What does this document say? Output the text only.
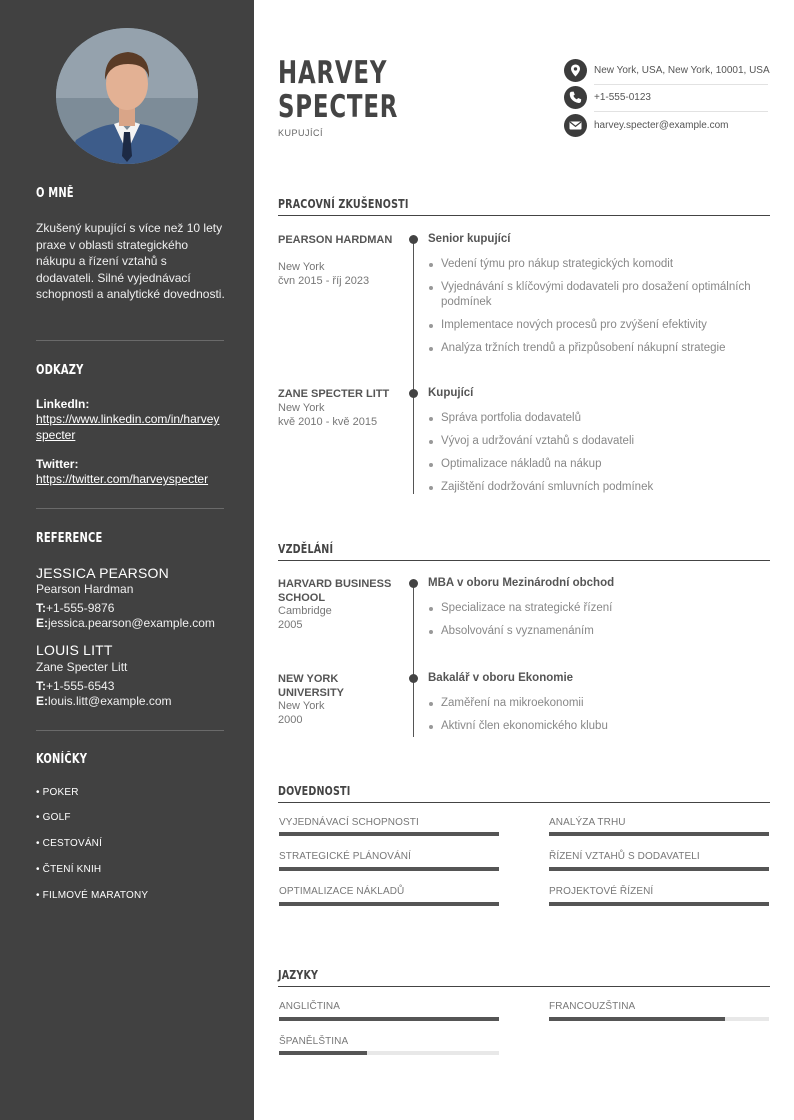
O MNĚ
Zkušený kupující s více než 10 lety praxe v oblasti strategického nákupu a řízení vztahů s dodavateli. Silné vyjednávací schopnosti a analytické dovednosti.
ODKAZY
LinkedIn:
https://www.linkedin.com/in/harveyspecter
Twitter:
https://twitter.com/harveyspecter
REFERENCE
JESSICA PEARSON
Pearson Hardman
T:+1-555-9876
E:jessica.pearson@example.com
LOUIS LITT
Zane Specter Litt
T:+1-555-6543
E:louis.litt@example.com
KONÍČKY
• POKER
• GOLF
• CESTOVÁNÍ
• ČTENÍ KNIH
• FILMOVÉ MARATONY
HARVEY
SPECTER
KUPUJÍCÍ
New York, USA, New York, 10001, USA
+1-555-0123
harvey.specter@example.com
PRACOVNÍ ZKUŠENOSTI
PEARSON HARDMAN
New York
čvn 2015 - říj 2023
Senior kupující
Vedení týmu pro nákup strategických komodit
Vyjednávání s klíčovými dodavateli pro dosažení optimálních podmínek
Implementace nových procesů pro zvýšení efektivity
Analýza tržních trendů a přizpůsobení nákupní strategie
ZANE SPECTER LITT
New York
kvě 2010 - kvě 2015
Kupující
Správa portfolia dodavatelů
Vývoj a udržování vztahů s dodavateli
Optimalizace nákladů na nákup
Zajištění dodržování smluvních podmínek
VZDĚLÁNÍ
HARVARD BUSINESS SCHOOL
Cambridge
2005
MBA v oboru Mezinárodní obchod
Specializace na strategické řízení
Absolvování s vyznamenáním
NEW YORK UNIVERSITY
New York
2000
Bakalář v oboru Ekonomie
Zaměření na mikroekonomii
Aktivní člen ekonomického klubu
DOVEDNOSTI
VYJEDNÁVACÍ SCHOPNOSTI	ANALÝZA TRHU
STRATEGICKÉ PLÁNOVÁNÍ	ŘÍZENÍ VZTAHŮ S DODAVATELI
OPTIMALIZACE NÁKLADŮ	PROJEKTOVÉ ŘÍZENÍ
JAZYKY
ANGLIČTINA	FRANCOUZŠTINA
ŠPANĚLŠTINA
